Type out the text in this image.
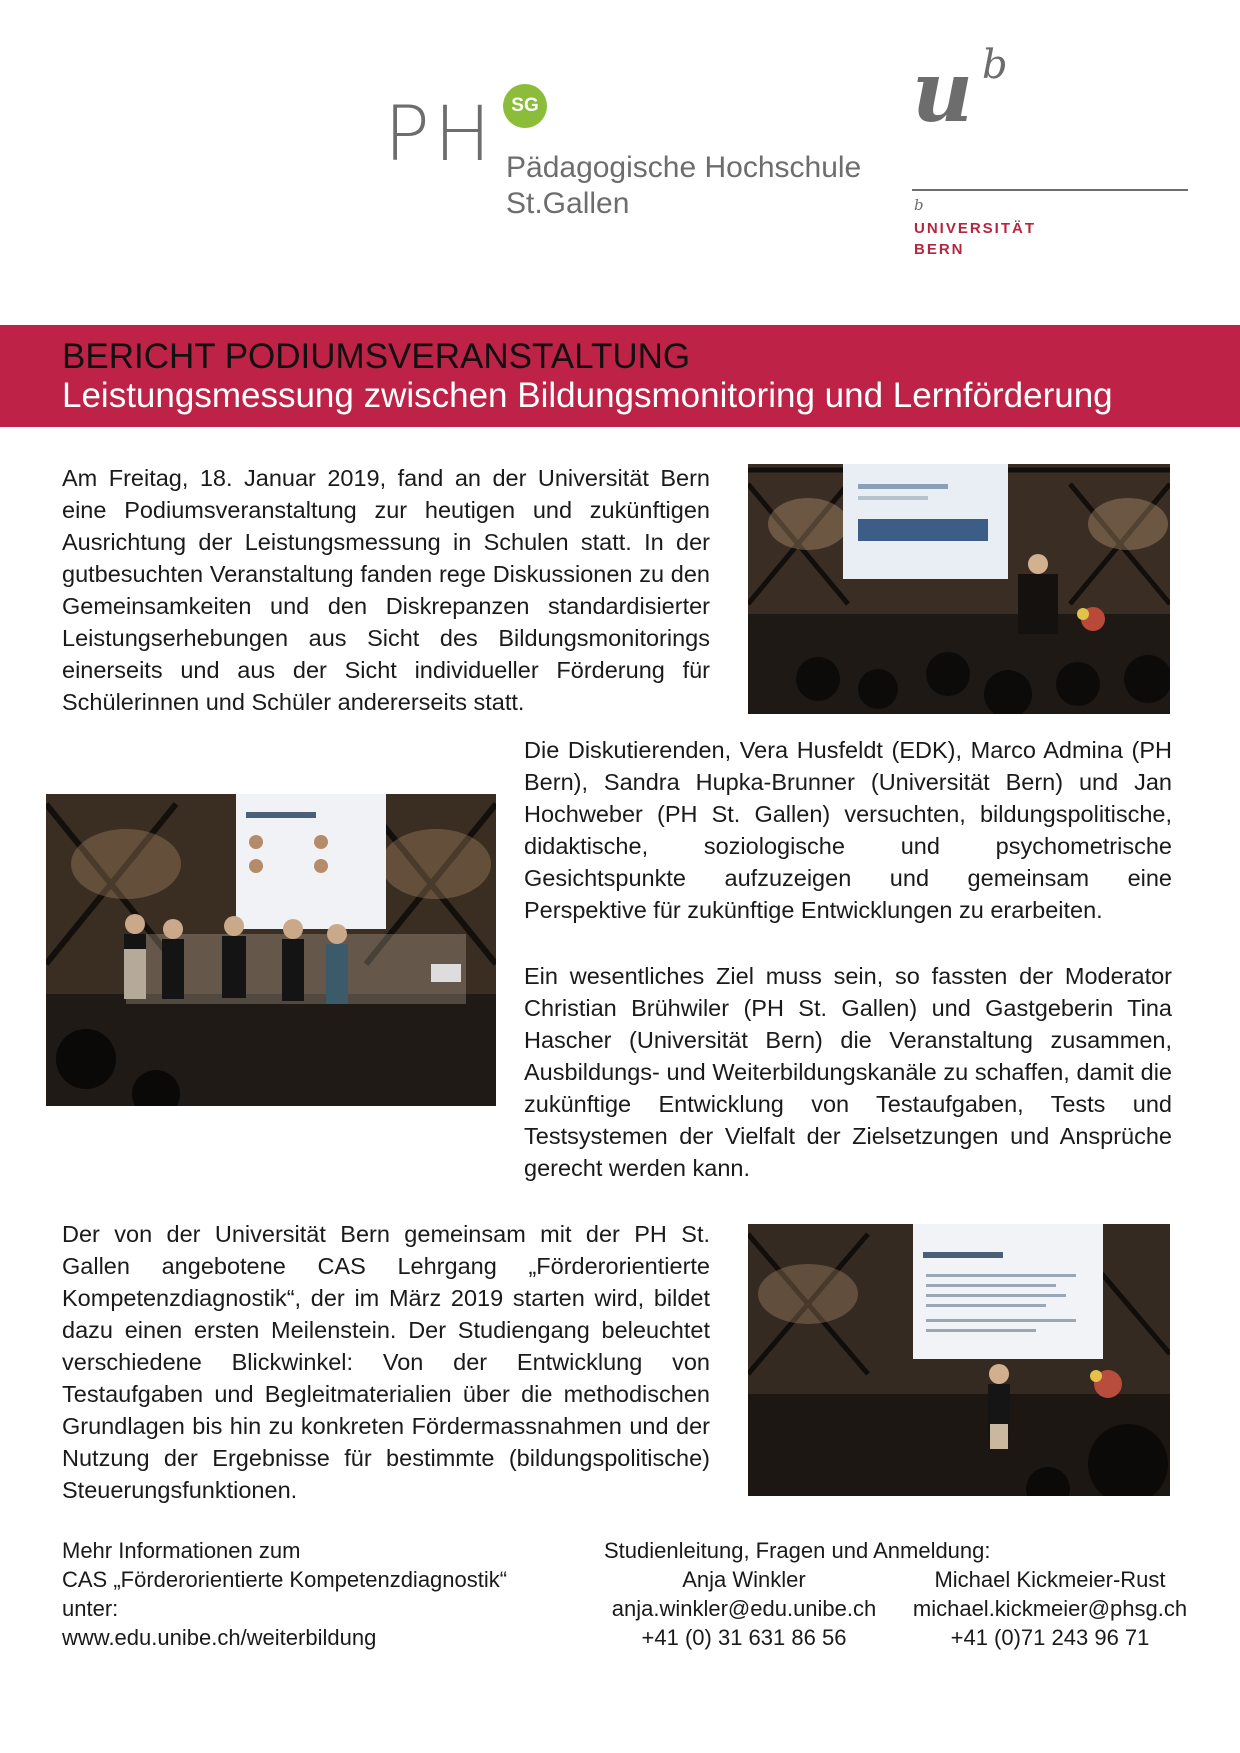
PH SG
Pädagogische Hochschule
St.Gallen
u b
b
UNIVERSITÄT
BERN
BERICHT PODIUMSVERANSTALTUNG
Leistungsmessung zwischen Bildungsmonitoring und Lernförderung

Am Freitag, 18. Januar 2019, fand an der Universität Bern eine Podiumsveranstaltung zur heutigen und zukünftigen Ausrichtung der Leistungsmessung in Schulen statt. In der gutbesuchten Veranstaltung fanden rege Diskussionen zu den Gemeinsamkeiten und den Diskrepanzen standardisierter Leistungserhebungen aus Sicht des Bildungsmonitorings einerseits und aus der Sicht individueller Förderung für Schülerinnen und Schüler andererseits statt.

Die Diskutierenden, Vera Husfeldt (EDK), Marco Admina (PH Bern), Sandra Hupka-Brunner (Universität Bern) und Jan Hochweber (PH St. Gallen) versuchten, bildungspolitische, didaktische, soziologische und psychometrische Gesichtspunkte aufzuzeigen und gemeinsam eine Perspektive für zukünftige Entwicklungen zu erarbeiten.

Ein wesentliches Ziel muss sein, so fassten der Moderator Christian Brühwiler (PH St. Gallen) und Gastgeberin Tina Hascher (Universität Bern) die Veranstaltung zusammen, Ausbildungs- und Weiterbildungskanäle zu schaffen, damit die zukünftige Entwicklung von Testaufgaben, Tests und Testsystemen der Vielfalt der Zielsetzungen und Ansprüche gerecht werden kann.

Der von der Universität Bern gemeinsam mit der PH St. Gallen angebotene CAS Lehrgang „Förderorientierte Kompetenzdiagnostik“, der im März 2019 starten wird, bildet dazu einen ersten Meilenstein. Der Studiengang beleuchtet verschiedene Blickwinkel: Von der Entwicklung von Testaufgaben und Begleitmaterialien über die methodischen Grundlagen bis hin zu konkreten Fördermassnahmen und der Nutzung der Ergebnisse für bestimmte (bildungspolitische) Steuerungsfunktionen.

Mehr Informationen zum
CAS „Förderorientierte Kompetenzdiagnostik“
unter:
www.edu.unibe.ch/weiterbildung
Studienleitung, Fragen und Anmeldung:
Anja Winkler
anja.winkler@edu.unibe.ch
+41 (0) 31 631 86 56
Michael Kickmeier-Rust
michael.kickmeier@phsg.ch
+41 (0)71 243 96 71
